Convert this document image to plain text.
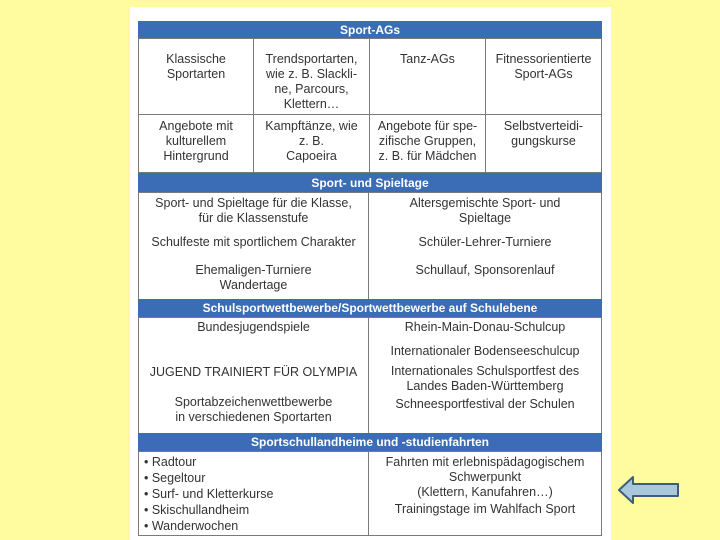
Sport-AGs
Klassische
Sportarten
Trendsportarten,
wie z. B. Slackli-
ne, Parcours,
Klettern…
Tanz-AGs	Fitnessorientierte
Sport-AGs
Angebote mit
kulturellem
Hintergrund
Kampftänze, wie
z. B.
Capoeira
Angebote für spe-
zifische Gruppen,
z. B. für Mädchen
Selbstverteidi-
gungskurse
Sport- und Spieltage
Sport- und Spieltage für die Klasse,
für die Klassenstufe
Schulfeste mit sportlichem Charakter
Ehemaligen-Turniere
Wandertage
Altersgemischte Sport- und
Spieltage
Schüler-Lehrer-Turniere
Schullauf, Sponsorenlauf
Schulsportwettbewerbe/Sportwettbewerbe auf Schulebene
Bundesjugendspiele
JUGEND TRAINIERT FÜR OLYMPIA
Sportabzeichenwettbewerbe
in verschiedenen Sportarten
Rhein-Main-Donau-Schulcup
Internationaler Bodenseeschulcup
Internationales Schulsportfest des
Landes Baden-Württemberg
Schneesportfestival der Schulen
Sportschullandheime und -studienfahrten
• Radtour
• Segeltour
• Surf- und Kletterkurse
• Skischullandheim
• Wanderwochen
Fahrten mit erlebnispädagogischem
Schwerpunkt
(Klettern, Kanufahren…)
Trainingstage im Wahlfach Sport
